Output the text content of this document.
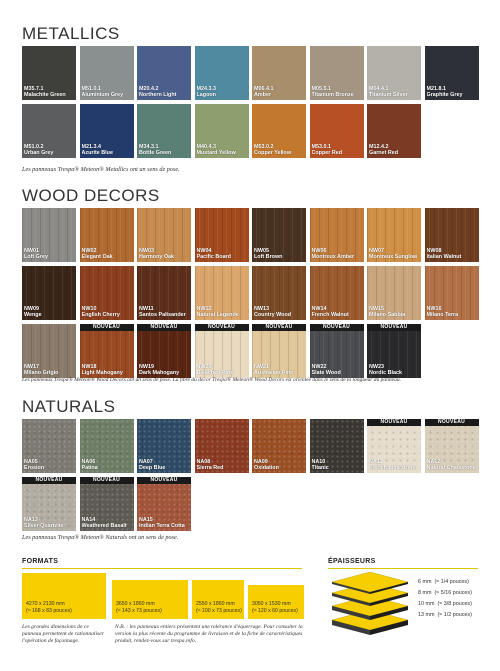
METALLICS
M35.7.1
Malachite Green
M51.0.1
Aluminium Grey
M20.4.2
Northern Light
M24.3.3
Lagoon
M06.4.1
Amber
M05.5.1
Titanium Bronze
M04.4.1
Titanium Silver
M21.8.1
Graphite Grey
M51.0.2
Urban Grey
M21.3.4
Azurite Blue
M34.3.1
Bottle Green
M40.4.3
Mustard Yellow
M53.0.2
Copper Yellow
M53.0.1
Copper Red
M12.4.2
Garnet Red
Les panneaux Trespa® Meteon® Metallics ont un sens de pose.
WOOD DECORS
NW01
Loft Grey
NW02
Elegant Oak
NW03
Harmony Oak
NW04
Pacific Board
NW05
Loft Brown
NW06
Montreux Amber
NW07
Montreux Sunglow
NW08
Italian Walnut
NW09
Wenge
NW10
English Cherry
NW11
Santos Palisander
NW12
Natural Legende
NW13
Country Wood
NW14
French Walnut
NW15
Milano Sabbia
NW16
Milano Terra
NW17
Milano Grigio
NOUVEAU
NW18
Light Mahogany
NOUVEAU
NW19
Dark Mahogany
NOUVEAU
NW20
Bleached Pine
NOUVEAU
NW21
Australian Pine
NOUVEAU
NW22
Slate Wood
NOUVEAU
NW23
Nordic Black
Les panneaux Trespa® Meteon® Wood Decors ont un sens de pose. La fibre du décor Trespa® Meteon® Wood Decors est orientée dans le sens de la longueur du panneau.
NATURALS
NA05
Erosion
NA06
Patina
NA07
Deep Blue
NA08
Sierra Red
NA09
Oxidation
NA10
Titanic
NOUVEAU
NA11
French Limestone
NOUVEAU
NA12
Natural Chalkstone
NOUVEAU
NA13
Silver Quartzite
NOUVEAU
NA14
Weathered Basalt
NOUVEAU
NA15
Indian Terra Cotta
Les panneaux Trespa® Meteon® Naturals ont un sens de pose.
FORMATS
4270 x 2130 mm
(≈ 168 x 83 pouces)
3650 x 1860 mm
(≈ 143 x 73 pouces)
2550 x 1860 mm
(≈ 100 x 73 pouces)
3050 x 1530 mm
(≈ 120 x 60 pouces)
Les grandes dimensions de ce
panneau permettent de rationnaliser
l'opération de façonnage.
N.B. : les panneaux entiers présentent une tolérance d'équerrage. Pour consulter la
version la plus récente du programme de livraison et de la fiche de caractéristiques
produit, rendez-vous sur trespa.info.
ÉPAISSEURS
6 mm (≈ 1/4 pouces)
8 mm (≈ 5/16 pouces)
10 mm (≈ 3/8 pouces)
13 mm (≈ 1/2 pouces)
